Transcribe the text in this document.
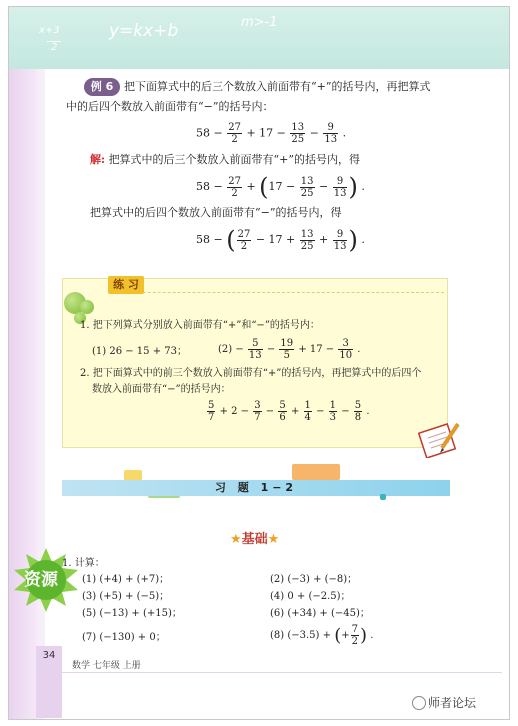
x+3
2
y=kx+b	m>-1
例 6 把下面算式中的后三个数放入前面带有“+”的括号内，再把算式
中的后四个数放入前面带有“−”的括号内：
$58 - \frac{27}{2} + 17 - \frac{13}{25} - \frac{9}{13}$ .
解: 把算式中的后三个数放入前面带有“+”的括号内，得
$58 - \frac{27}{2} + (17 - \frac{13}{25} - \frac{9}{13}$ ) .
把算式中的后四个数放入前面带有“−”的括号内，得
58 − ( $\frac{27}{2} - 17 + \frac{13}{25} + \frac{9}{13}$ ) .
练 习
1. 把下列算式分别放入前面带有“+”和“−”的括号内：
(1) 26 − 15 + 73；	$(2) - \frac{5}{13} - \frac{19}{5} + 17 - \frac{3}{10}$ .
2. 把下面算式中的前三个数放入前面带有“+”的括号内，再把算式中的后四个
数放入前面带有“−”的括号内：
$\frac{5}{7} + 2 - \frac{3}{7} - \frac{5}{6} + \frac{1}{4} - \frac{1}{3} - \frac{5}{8}$ .
习 题 1−2
★基础★
资源
1. 计算：
(1) (+4) + (+7)；
(3) (+5) + (−5)；
(5) (−13) + (+15)；
(7) (−130) + 0；
(2) (−3) + (−8)；
(4) 0 + (−2.5)；
(6) (+34) + (−45)；
(8) (−3.5) + (+ $\frac{7}{2}$ ) .
34
数学 七年级 上册
师者论坛
